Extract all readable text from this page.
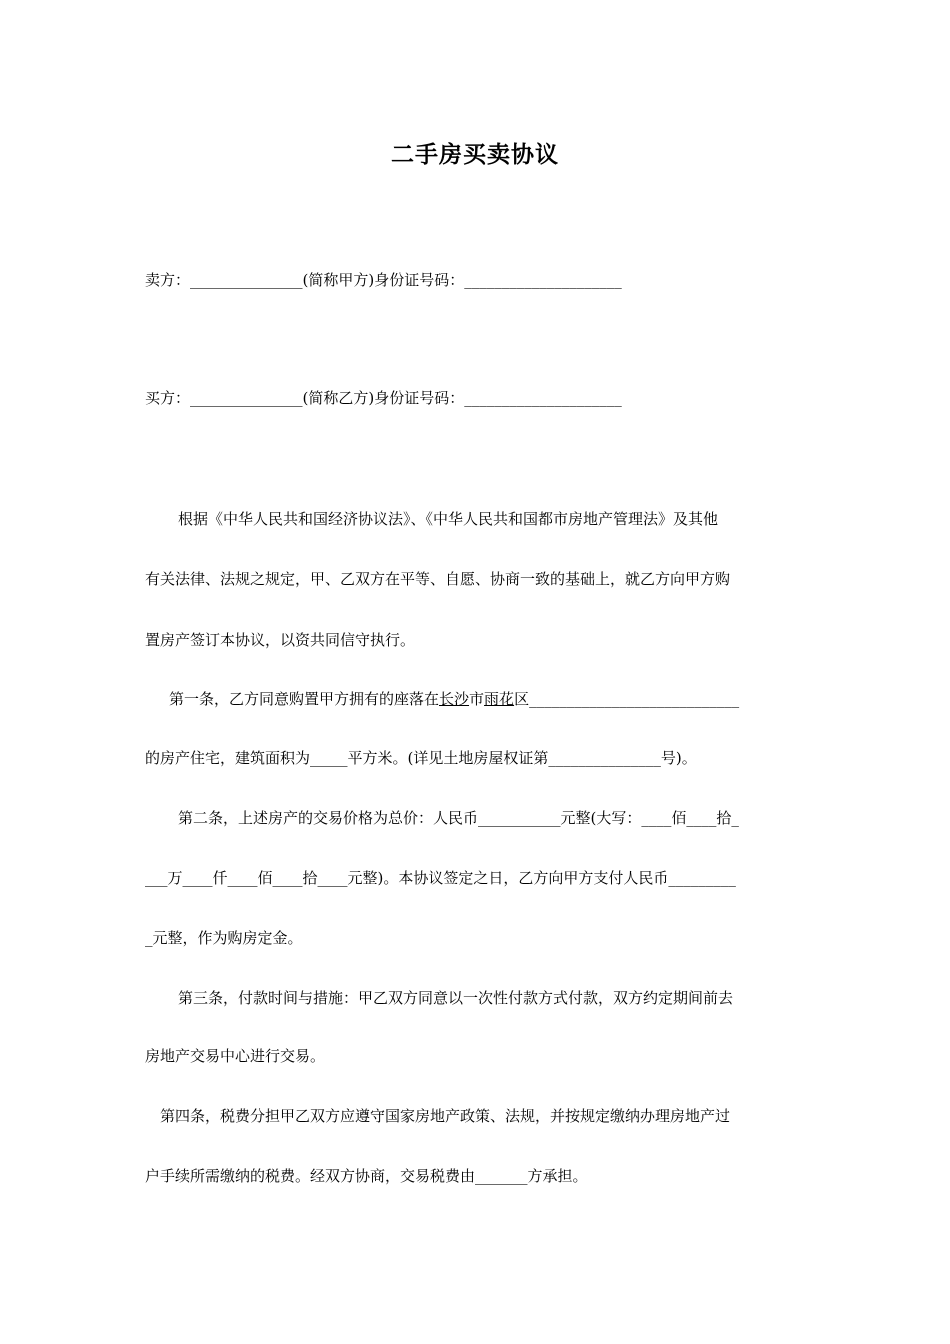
二手房买卖协议
卖方：_______________(简称甲方)身份证号码：_____________________
买方：_______________(简称乙方)身份证号码：_____________________
根据《中华人民共和国经济协议法》、《中华人民共和国都市房地产管理法》及其他
有关法律、法规之规定，甲、乙双方在平等、自愿、协商一致的基础上，就乙方向甲方购
置房产签订本协议，以资共同信守执行。
第一条，乙方同意购置甲方拥有的座落在长沙市雨花区____________________________
的房产住宅，建筑面积为_____平方米。(详见土地房屋权证第_______________号)。
第二条，上述房产的交易价格为总价：人民币___________元整(大写：____佰____拾_
___万____仟____佰____拾____元整)。本协议签定之日，乙方向甲方支付人民币_________
_元整，作为购房定金。
第三条，付款时间与措施：甲乙双方同意以一次性付款方式付款，双方约定期间前去
房地产交易中心进行交易。
第四条，税费分担甲乙双方应遵守国家房地产政策、法规，并按规定缴纳办理房地产过
户手续所需缴纳的税费。经双方协商，交易税费由_______方承担。
